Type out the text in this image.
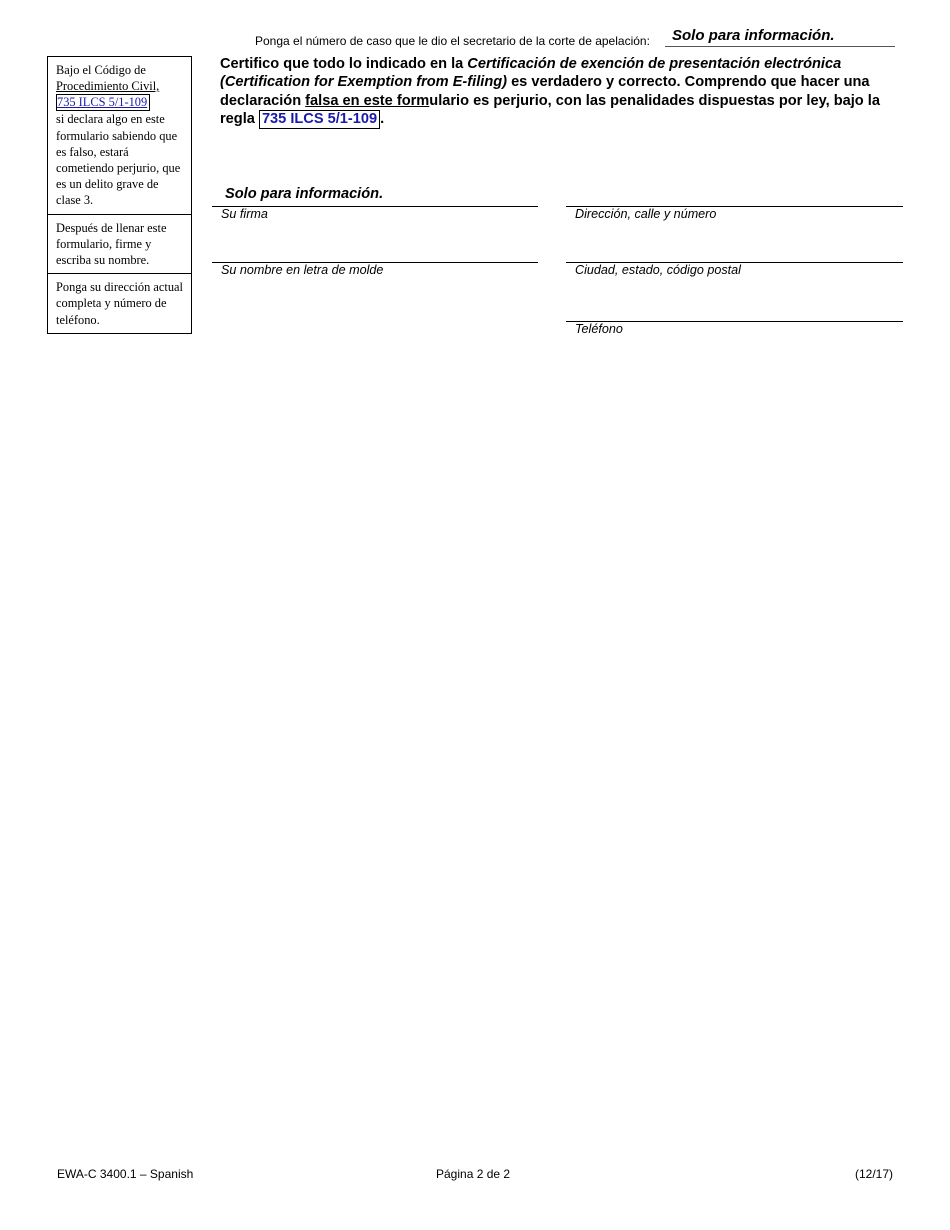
Ponga el número de caso que le dio el secretario de la corte de apelación: Solo para información.
Bajo el Código de
Procedimiento Civil,
735 ILCS 5/1-109
si declara algo en este formulario sabiendo que es falso, estará cometiendo perjurio, que es un delito grave de clase 3.
Después de llenar este formulario, firme y escriba su nombre.
Ponga su dirección actual completa y número de teléfono.
Certifico que todo lo indicado en la Certificación de exención de presentación electrónica (Certification for Exemption from E-filing) es verdadero y correcto. Comprendo que hacer una declaración falsa en este formulario es perjurio, con las penalidades dispuestas por ley, bajo la regla 735 ILCS 5/1-109 .
Solo para información.
Su firma	Dirección, calle y número
Su nombre en letra de molde	Ciudad, estado, código postal
Teléfono
EWA-C 3400.1 – Spanish	Página 2 de 2	(12/17)
